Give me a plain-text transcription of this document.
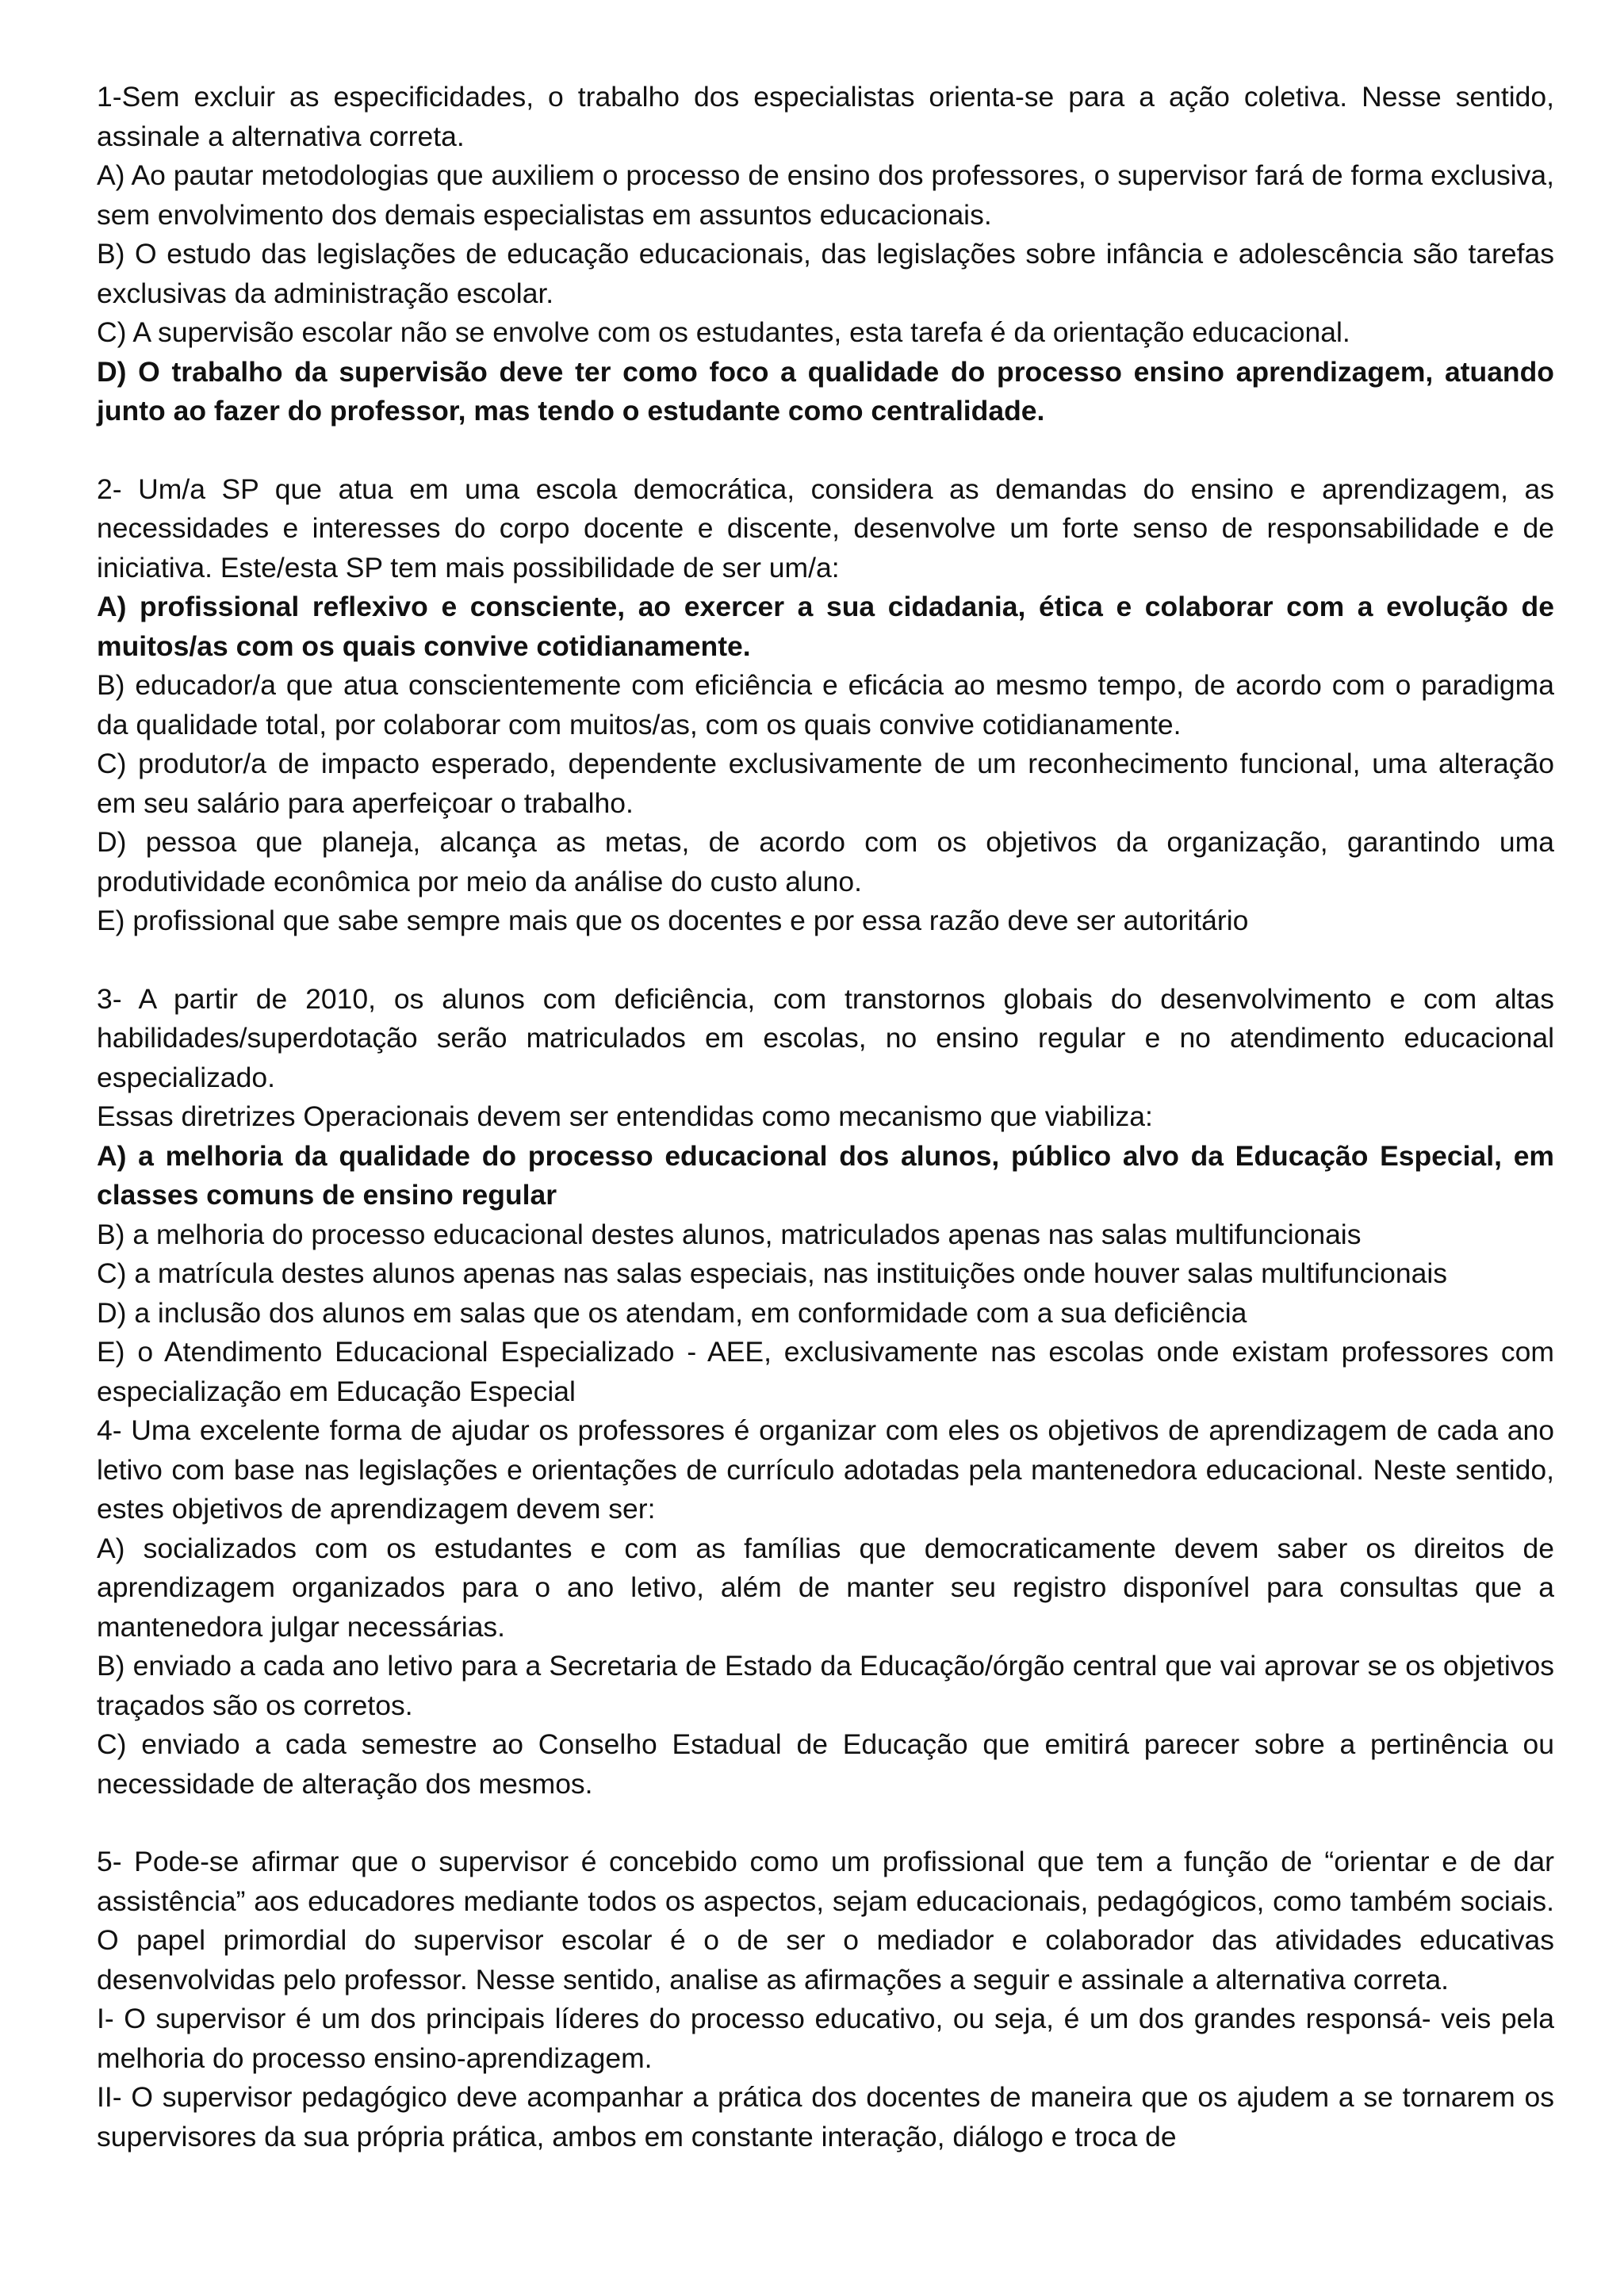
1-Sem excluir as especificidades, o trabalho dos especialistas orienta-se para a ação coletiva. Nesse sentido, assinale a alternativa correta.

A) Ao pautar metodologias que auxiliem o processo de ensino dos professores, o supervisor fará de forma exclusiva, sem envolvimento dos demais especialistas em assuntos educacionais.

B) O estudo das legislações de educação educacionais, das legislações sobre infância e adolescência são tarefas exclusivas da administração escolar.

C) A supervisão escolar não se envolve com os estudantes, esta tarefa é da orientação educacional.

D) O trabalho da supervisão deve ter como foco a qualidade do processo ensino aprendizagem, atuando junto ao fazer do professor, mas tendo o estudante como centralidade.

2- Um/a SP que atua em uma escola democrática, considera as demandas do ensino e aprendizagem, as necessidades e interesses do corpo docente e discente, desenvolve um forte senso de responsabilidade e de iniciativa. Este/esta SP tem mais possibilidade de ser um/a:

A) profissional reflexivo e consciente, ao exercer a sua cidadania, ética e colaborar com a evolução de muitos/as com os quais convive cotidianamente.

B) educador/a que atua conscientemente com eficiência e eficácia ao mesmo tempo, de acordo com o paradigma da qualidade total, por colaborar com muitos/as, com os quais convive cotidianamente.

C) produtor/a de impacto esperado, dependente exclusivamente de um reconhecimento funcional, uma alteração em seu salário para aperfeiçoar o trabalho.

D) pessoa que planeja, alcança as metas, de acordo com os objetivos da organização, garantindo uma produtividade econômica por meio da análise do custo aluno.

E) profissional que sabe sempre mais que os docentes e por essa razão deve ser autoritário

3- A partir de 2010, os alunos com deficiência, com transtornos globais do desenvolvimento e com altas habilidades/superdotação serão matriculados em escolas, no ensino regular e no atendimento educacional especializado.

Essas diretrizes Operacionais devem ser entendidas como mecanismo que viabiliza:

A) a melhoria da qualidade do processo educacional dos alunos, público alvo da Educação Especial, em classes comuns de ensino regular

B) a melhoria do processo educacional destes alunos, matriculados apenas nas salas multifuncionais

C) a matrícula destes alunos apenas nas salas especiais, nas instituições onde houver salas multifuncionais

D) a inclusão dos alunos em salas que os atendam, em conformidade com a sua deficiência

E) o Atendimento Educacional Especializado - AEE, exclusivamente nas escolas onde existam professores com especialização em Educação Especial

4- Uma excelente forma de ajudar os professores é organizar com eles os objetivos de aprendizagem de cada ano letivo com base nas legislações e orientações de currículo adotadas pela mantenedora educacional. Neste sentido, estes objetivos de aprendizagem devem ser:

A) socializados com os estudantes e com as famílias que democraticamente devem saber os direitos de aprendizagem organizados para o ano letivo, além de manter seu registro disponível para consultas que a mantenedora julgar necessárias.

B) enviado a cada ano letivo para a Secretaria de Estado da Educação/órgão central que vai aprovar se os objetivos traçados são os corretos.

C) enviado a cada semestre ao Conselho Estadual de Educação que emitirá parecer sobre a pertinência ou necessidade de alteração dos mesmos.

5- Pode-se afirmar que o supervisor é concebido como um profissional que tem a função de “orientar e de dar assistência” aos educadores mediante todos os aspectos, sejam educacionais, pedagógicos, como também sociais. O papel primordial do supervisor escolar é o de ser o mediador e colaborador das atividades educativas desenvolvidas pelo professor. Nesse sentido, analise as afirmações a seguir e assinale a alternativa correta.

I- O supervisor é um dos principais líderes do processo educativo, ou seja, é um dos grandes responsá- veis pela melhoria do processo ensino-aprendizagem.

II- O supervisor pedagógico deve acompanhar a prática dos docentes de maneira que os ajudem a se tornarem os supervisores da sua própria prática, ambos em constante interação, diálogo e troca de
